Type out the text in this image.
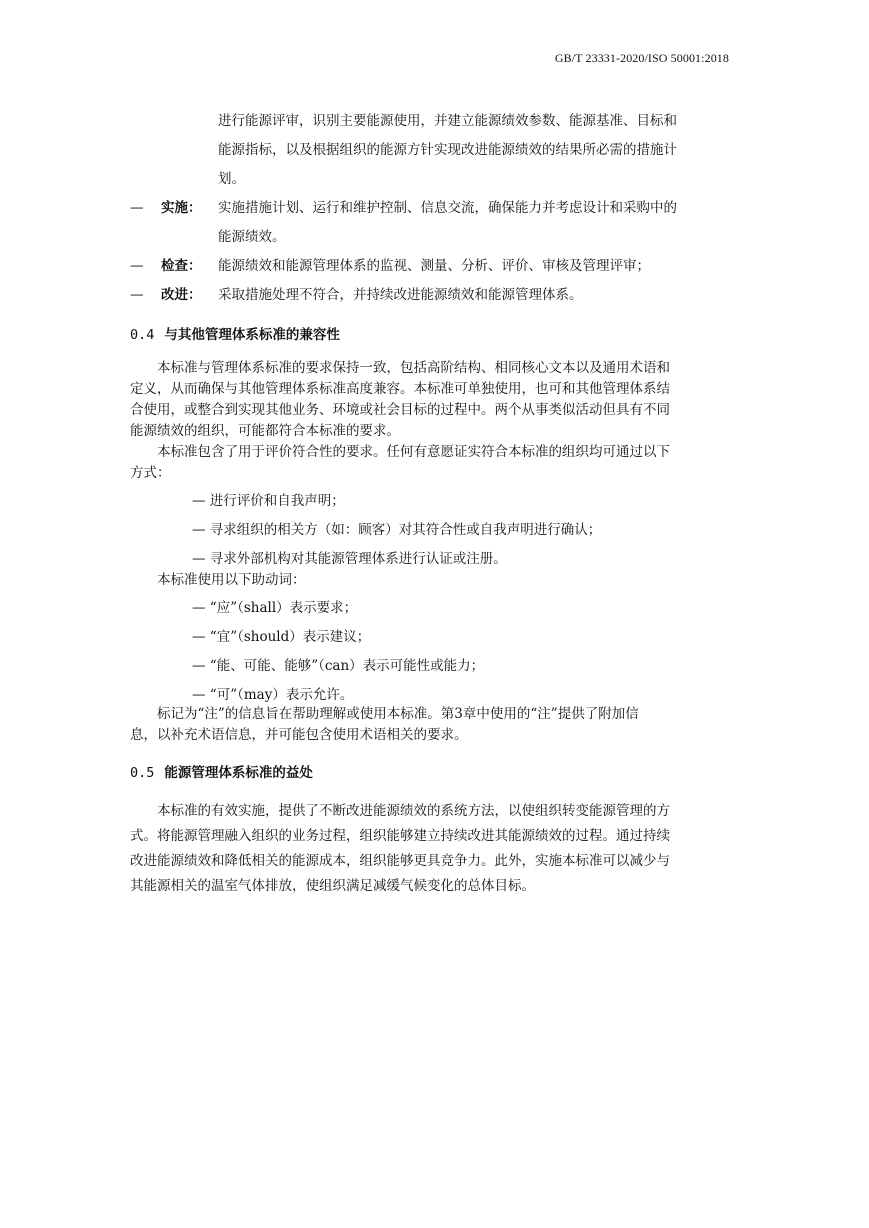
GB/T 23331-2020/ISO 50001:2018
进行能源评审，识别主要能源使用，并建立能源绩效参数、能源基准、目标和
能源指标，以及根据组织的能源方针实现改进能源绩效的结果所必需的措施计
划。
— 实施： 实施措施计划、运行和维护控制、信息交流，确保能力并考虑设计和采购中的
能源绩效。
— 检查： 能源绩效和能源管理体系的监视、测量、分析、评价、审核及管理评审；
— 改进： 采取措施处理不符合，并持续改进能源绩效和能源管理体系。
0.4 与其他管理体系标准的兼容性
本标准与管理体系标准的要求保持一致，包括高阶结构、相同核心文本以及通用术语和
定义，从而确保与其他管理体系标准高度兼容。本标准可单独使用，也可和其他管理体系结
合使用，或整合到实现其他业务、环境或社会目标的过程中。两个从事类似活动但具有不同
能源绩效的组织，可能都符合本标准的要求。
本标准包含了用于评价符合性的要求。任何有意愿证实符合本标准的组织均可通过以下
方式：
— 进行评价和自我声明；
— 寻求组织的相关方（如：顾客）对其符合性或自我声明进行确认；
— 寻求外部机构对其能源管理体系进行认证或注册。
本标准使用以下助动词：
— “应”（shall）表示要求；
— “宜”（should）表示建议；
— “能、可能、能够”（can）表示可能性或能力；
— “可”（may）表示允许。
标记为“注”的信息旨在帮助理解或使用本标准。第3章中使用的“注”提供了附加信
息，以补充术语信息，并可能包含使用术语相关的要求。
0.5 能源管理体系标准的益处
本标准的有效实施，提供了不断改进能源绩效的系统方法，以使组织转变能源管理的方
式。将能源管理融入组织的业务过程，组织能够建立持续改进其能源绩效的过程。通过持续
改进能源绩效和降低相关的能源成本，组织能够更具竞争力。此外，实施本标准可以减少与
其能源相关的温室气体排放，使组织满足减缓气候变化的总体目标。
